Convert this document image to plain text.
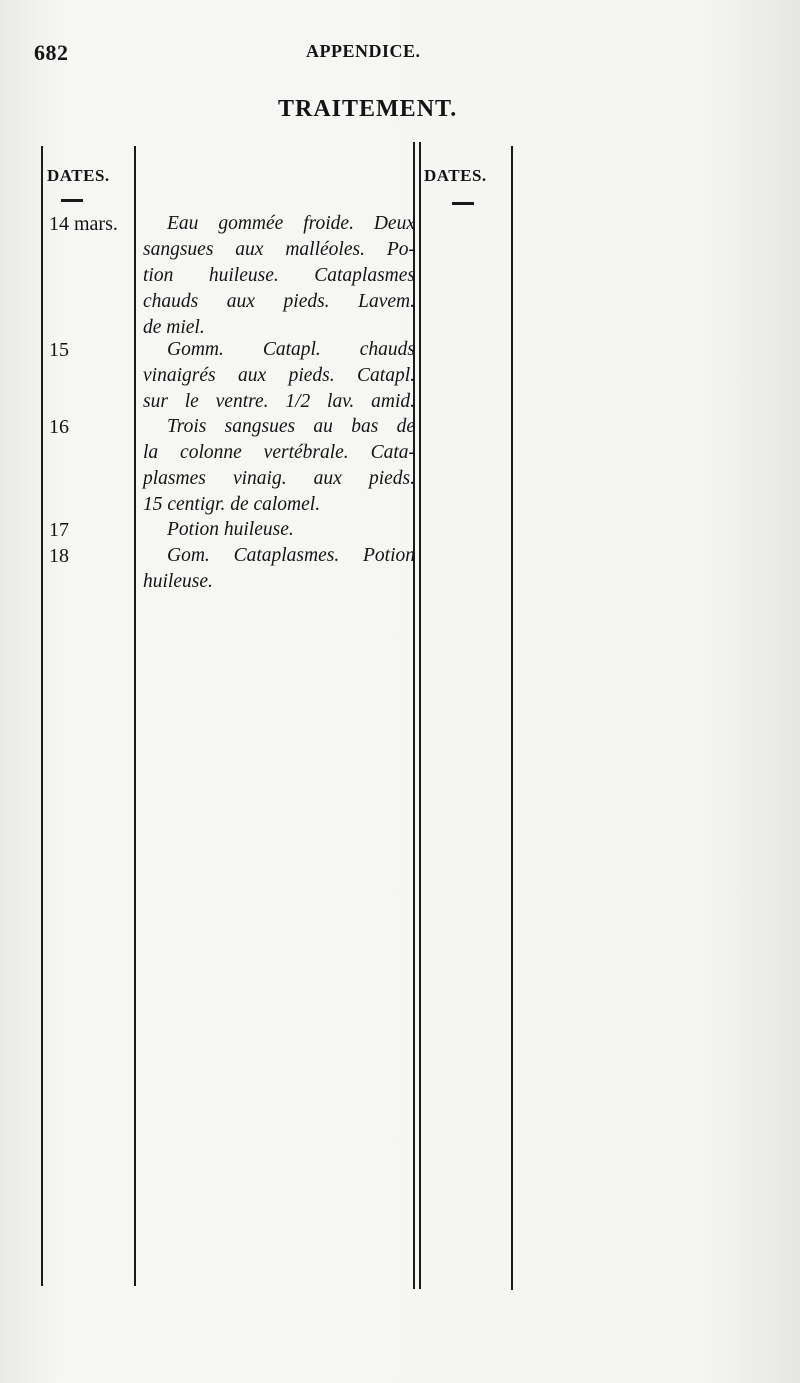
682	APPENDICE.
TRAITEMENT.
DATES.	DATES.
14 mars.	Eau gommée froide. Deux
sangsues aux malléoles. Po-
tion huileuse. Cataplasmes
chauds aux pieds. Lavem.
de miel.
15	Gomm. Catapl. chauds
vinaigrés aux pieds. Catapl.
sur le ventre. 1/2 lav. amid.
16	Trois sangsues au bas de
la colonne vertébrale. Cata-
plasmes vinaig. aux pieds.
15 centigr. de calomel.
17	Potion huileuse.
18	Gom. Cataplasmes. Potion
huileuse.
